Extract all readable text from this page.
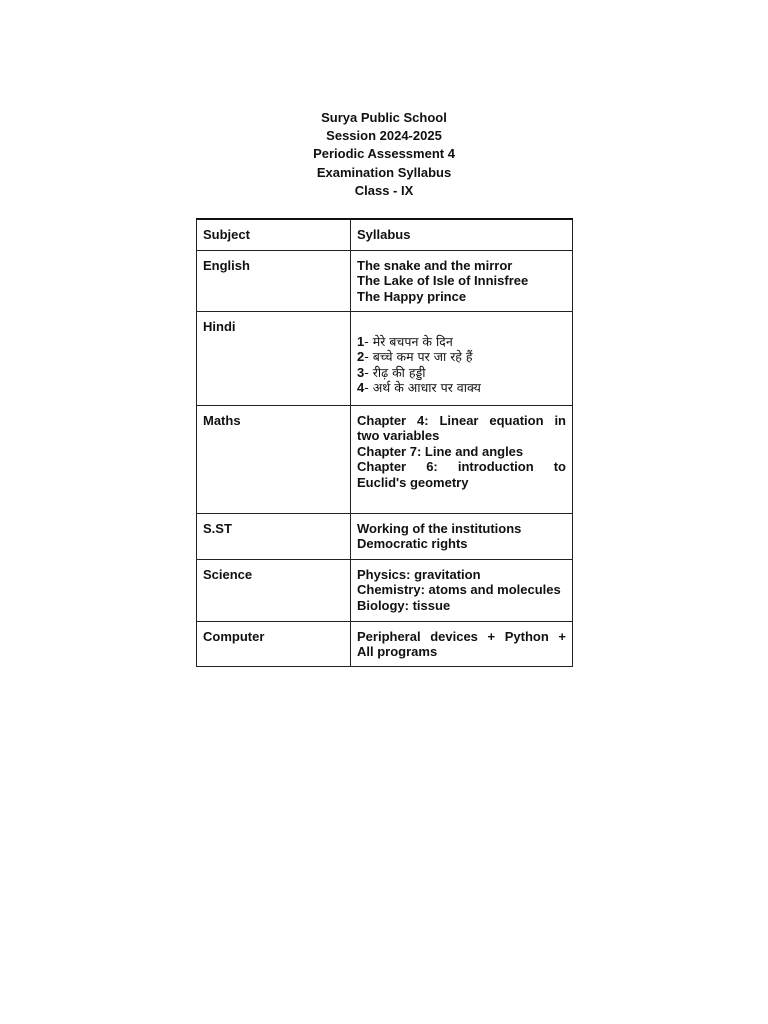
Surya Public School
Session 2024-2025
Periodic Assessment 4
Examination Syllabus
Class - IX
Subject	Syllabus
English	The snake and the mirror
The Lake of Isle of Innisfree
The Happy prince

Hindi	1- मेरे बचपन के दिन
2- बच्चे कम पर जा रहे हैं
3- रीढ़ की हड्डी
4- अर्थ के आधार पर वाक्य

Maths	Chapter 4: Linear equation in
two variables
Chapter 7: Line and angles
Chapter 6: introduction to
Euclid's geometry

S.ST	Working of the institutions
Democratic rights

Science	Physics: gravitation
Chemistry: atoms and molecules
Biology: tissue

Computer	Peripheral devices + Python +
All programs
